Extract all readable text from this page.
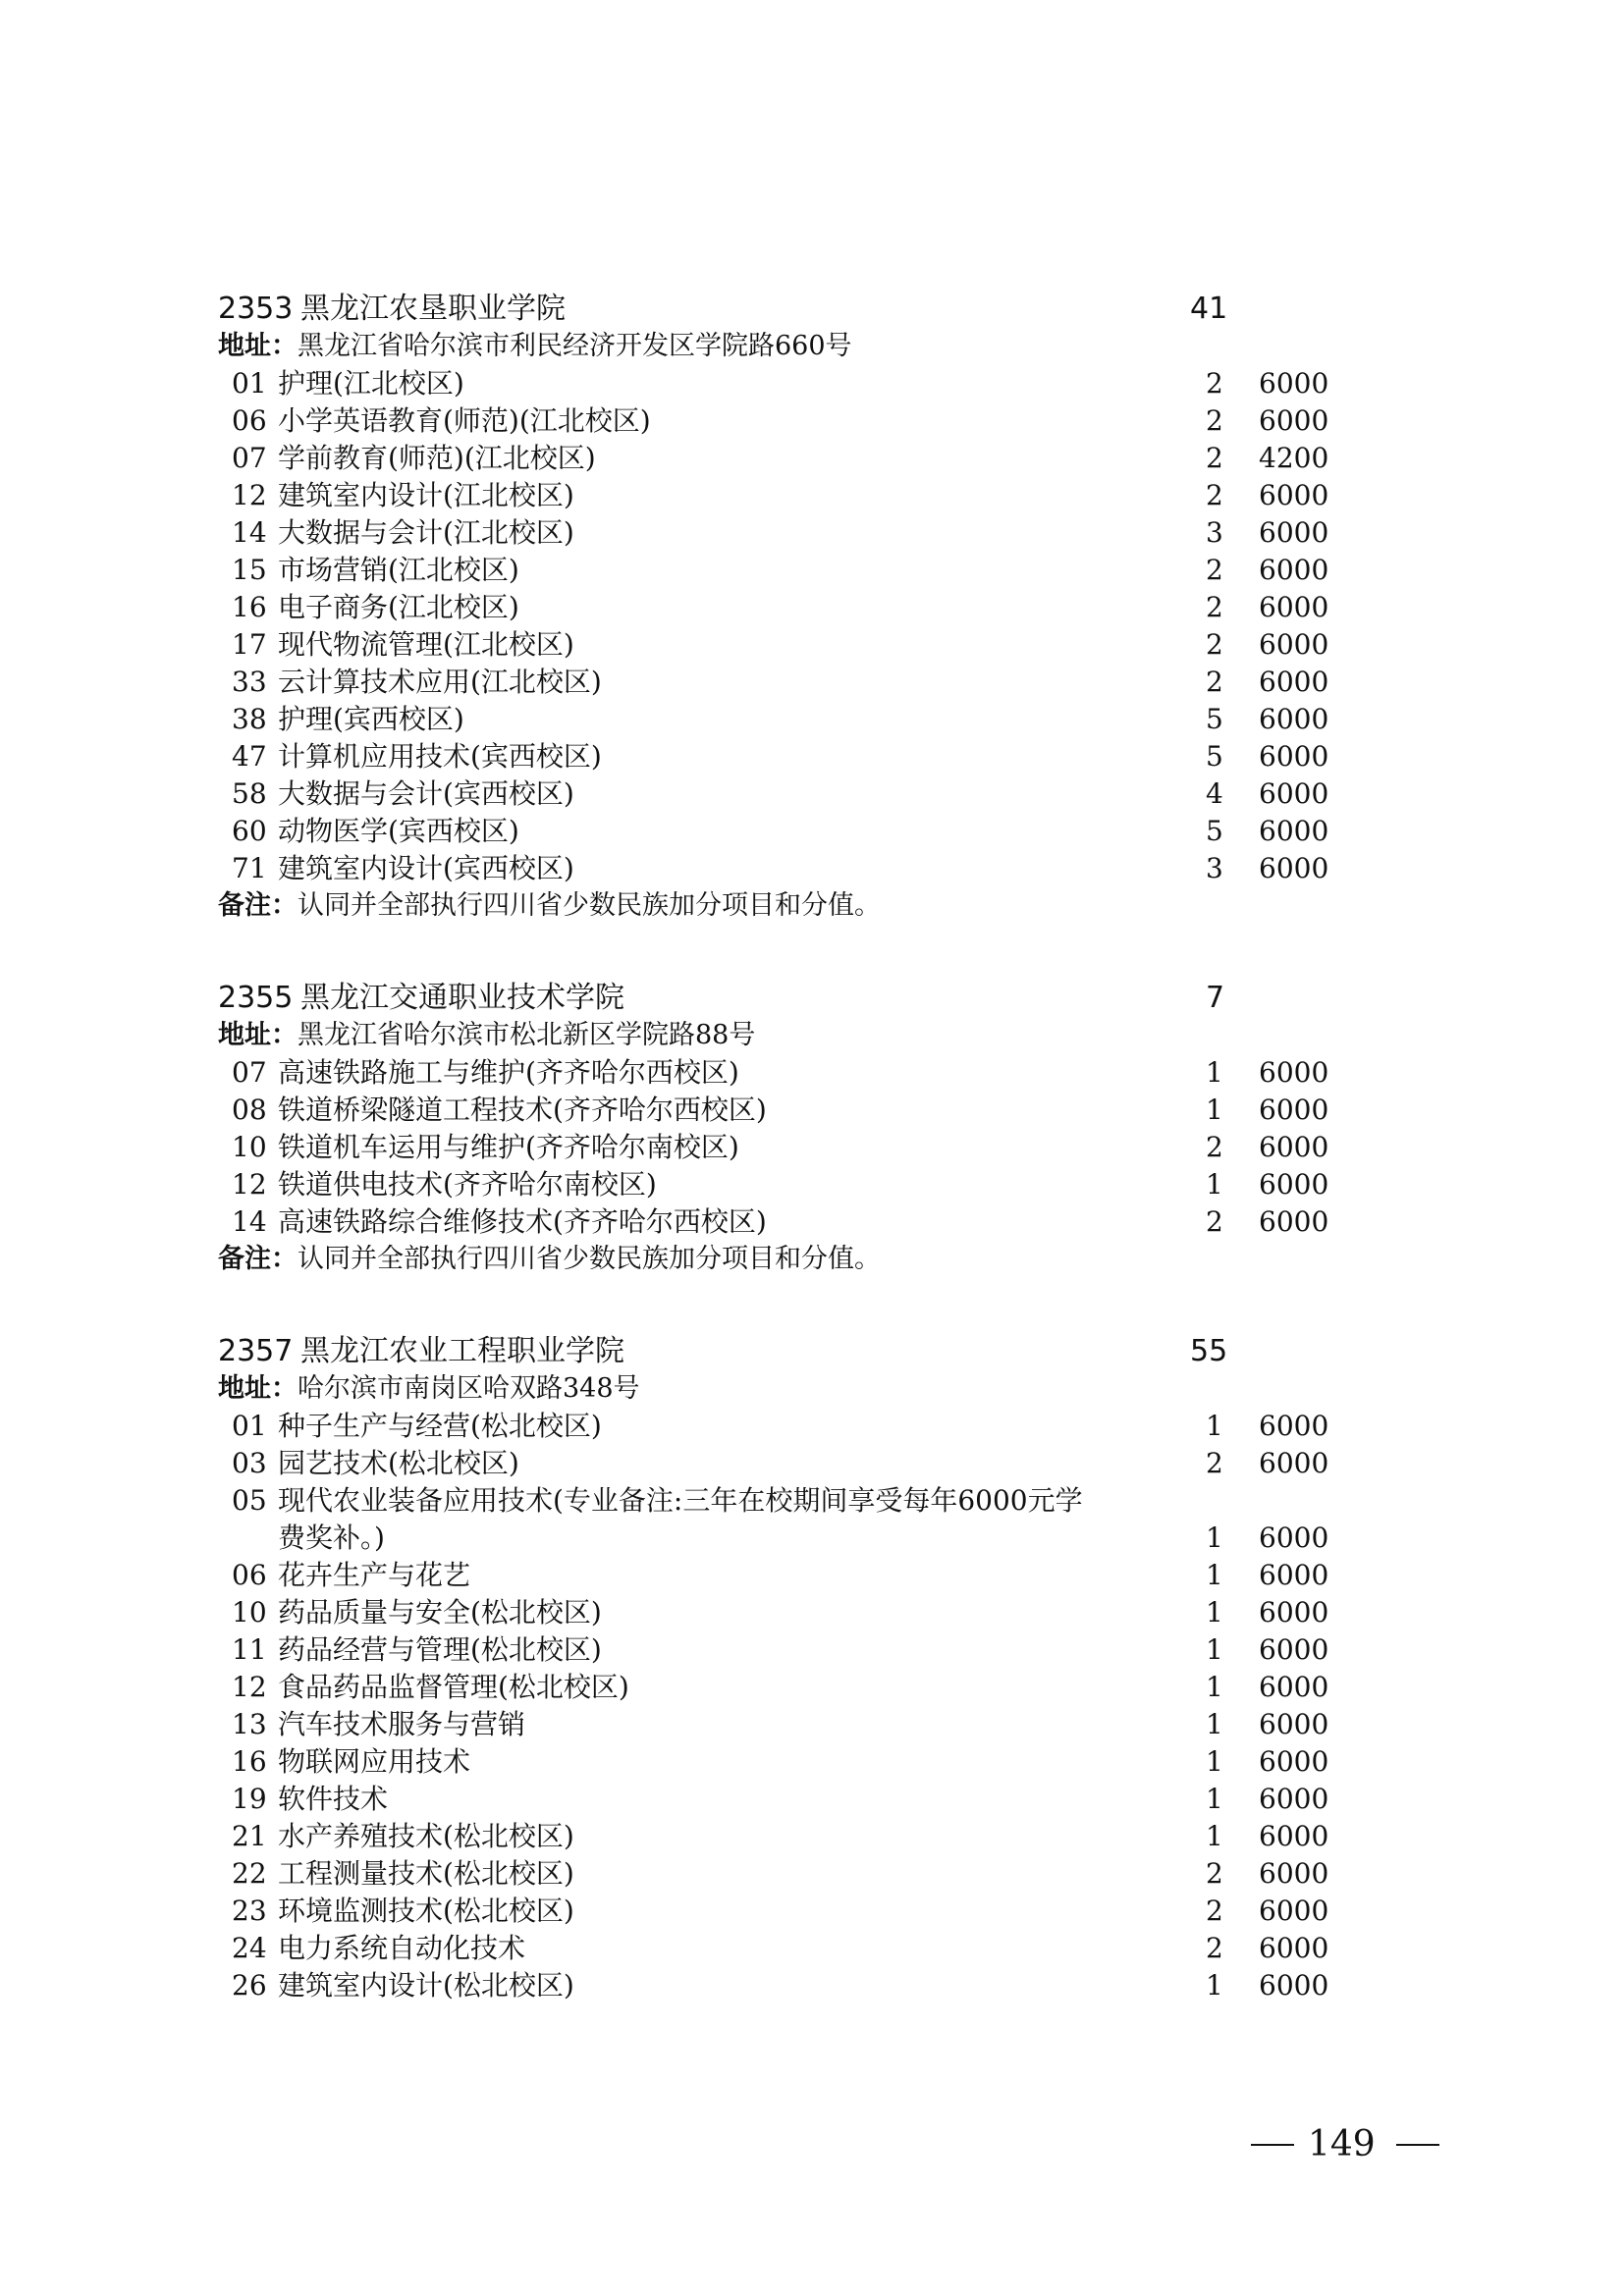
2353 黑龙江农垦职业学院	41
地址：黑龙江省哈尔滨市利民经济开发区学院路660号
01 护理(江北校区)	2 6000
06 小学英语教育(师范)(江北校区)	2 6000
07 学前教育(师范)(江北校区)	2 4200
12 建筑室内设计(江北校区)	2 6000
14 大数据与会计(江北校区)	3 6000
15 市场营销(江北校区)	2 6000
16 电子商务(江北校区)	2 6000
17 现代物流管理(江北校区)	2 6000
33 云计算技术应用(江北校区)	2 6000
38 护理(宾西校区)	5 6000
47 计算机应用技术(宾西校区)	5 6000
58 大数据与会计(宾西校区)	4 6000
60 动物医学(宾西校区)	5 6000
71 建筑室内设计(宾西校区)	3 6000
备注：认同并全部执行四川省少数民族加分项目和分值。
2355 黑龙江交通职业技术学院	7
地址：黑龙江省哈尔滨市松北新区学院路88号
07 高速铁路施工与维护(齐齐哈尔西校区)	1 6000
08 铁道桥梁隧道工程技术(齐齐哈尔西校区)	1 6000
10 铁道机车运用与维护(齐齐哈尔南校区)	2 6000
12 铁道供电技术(齐齐哈尔南校区)	1 6000
14 高速铁路综合维修技术(齐齐哈尔西校区)	2 6000
备注：认同并全部执行四川省少数民族加分项目和分值。
2357 黑龙江农业工程职业学院	55
地址：哈尔滨市南岗区哈双路348号
01 种子生产与经营(松北校区)	1 6000
03 园艺技术(松北校区)	2 6000
05 现代农业装备应用技术(专业备注:三年在校期间享受每年6000元学
费奖补。)	1 6000
06 花卉生产与花艺	1 6000
10 药品质量与安全(松北校区)	1 6000
11 药品经营与管理(松北校区)	1 6000
12 食品药品监督管理(松北校区)	1 6000
13 汽车技术服务与营销	1 6000
16 物联网应用技术	1 6000
19 软件技术	1 6000
21 水产养殖技术(松北校区)	1 6000
22 工程测量技术(松北校区)	2 6000
23 环境监测技术(松北校区)	2 6000
24 电力系统自动化技术	2 6000
26 建筑室内设计(松北校区)	1 6000
149
